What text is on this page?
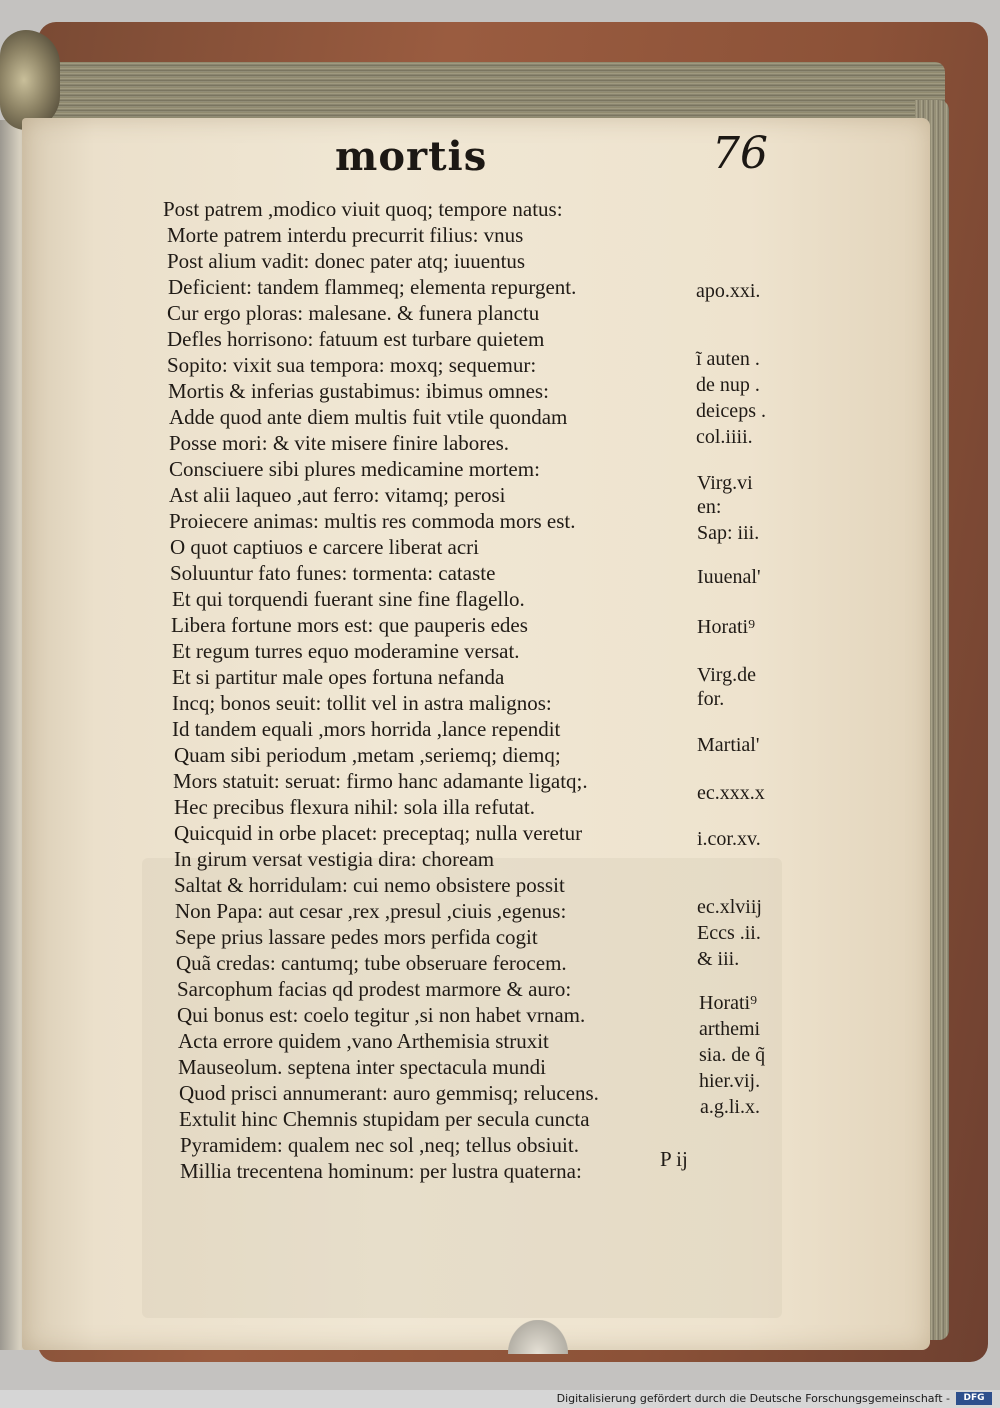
mortis	76
Post patrem ,modico viuit quoq; tempore natus:
Morte patrem interdu precurrit filius: vnus
Post alium vadit: donec pater atq; iuuentus
Deficient: tandem flammeq; elementa repurgent.
Cur ergo ploras: malesane. & funera planctu
Defles horrisono: fatuum est turbare quietem
Sopito: vixit sua tempora: moxq; sequemur:
Mortis & inferias gustabimus: ibimus omnes:
Adde quod ante diem multis fuit vtile quondam
Posse mori: & vite misere finire labores.
Consciuere sibi plures medicamine mortem:
Ast alii laqueo ,aut ferro: vitamq; perosi
Proiecere animas: multis res commoda mors est.
O quot captiuos e carcere liberat acri
Soluuntur fato funes: tormenta: cataste
Et qui torquendi fuerant sine fine flagello.
Libera fortune mors est: que pauperis edes
Et regum turres equo moderamine versat.
Et si partitur male opes fortuna nefanda
Incq; bonos seuit: tollit vel in astra malignos:
Id tandem equali ,mors horrida ,lance rependit
Quam sibi periodum ,metam ,seriemq; diemq;
Mors statuit: seruat: firmo hanc adamante ligatq;.
Hec precibus flexura nihil: sola illa refutat.
Quicquid in orbe placet: preceptaq; nulla veretur
In girum versat vestigia dira: choream
Saltat & horridulam: cui nemo obsistere possit
Non Papa: aut cesar ,rex ,presul ,ciuis ,egenus:
Sepe prius lassare pedes mors perfida cogit
Quã credas: cantumq; tube obseruare ferocem.
Sarcophum facias qd prodest marmore & auro:
Qui bonus est: coelo tegitur ,si non habet vrnam.
Acta errore quidem ,vano Arthemisia struxit
Mauseolum. septena inter spectacula mundi
Quod prisci annumerant: auro gemmisq; relucens.
Extulit hinc Chemnis stupidam per secula cuncta
Pyramidem: qualem nec sol ,neq; tellus obsiuit.
Millia trecentena hominum: per lustra quaterna:
apo.xxi.
ĩ auten .
de nup .
deiceps .
col.iiii.
Virg.vi
en:
Sap: iii.
Iuuenal'
Horati⁹
Virg.de
for.
Martial'
ec.xxx.x
i.cor.xv.
ec.xlviij
Eccs .ii.
& iii.
Horati⁹
arthemi
sia. de q̃
hier.vij.
a.g.li.x.
P ij
Digitalisierung gefördert durch die Deutsche Forschungsgemeinschaft -	DFG
